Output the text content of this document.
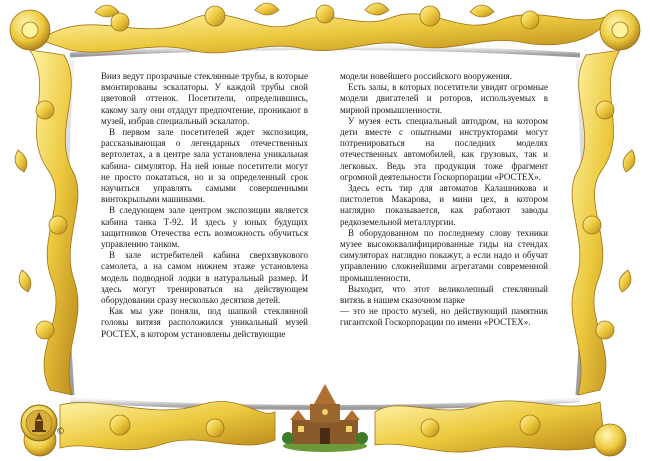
Вниз ведут прозрачные стеклянные трубы, в которые вмонтированы эскалаторы. У каждой трубы свой цветовой оттенок. Посетители, определившись, какому залу они отдадут предпочтение, проникают в музей, избрав специальный эскалатор.

В первом зале посетителей ждет экспозиция, рассказывающая о легендарных отечественных вертолетах, а в центре зала установлена уникальная кабина- симулятор. На ней юные посетители могут не просто покататься, но и за определенный срок научиться управлять самыми совершенными винтокрылыми машинами.

В следующем зале центром экспозиции является кабина танка Т-92. И здесь у юных будущих защитников Отечества есть возможность обучиться управлению танком.

В зале истребителей кабина сверхзвукового самолета, а на самом нижнем этаже установлена модель подводной лодки в натуральный размер. И здесь могут тренироваться на действующем оборудовании сразу несколько десятков детей.

Как мы уже поняли, под шапкой стеклянной головы витязя расположился уникальный музей РОСТЕХ, в котором установлены действующие

модели новейшего российского вооружения.

Есть залы, в которых посетители увидят огромные модели двигателей и роторов, используемых в мирной промышленности.

У музея есть специальный автодром, на котором дети вместе с опытными инструкторами могут потренироваться на последних моделях отечественных автомобилей, как грузовых, так и легковых. Ведь эта продукция тоже фрагмент огромной деятельности Госкорпорации «РОСТЕХ».

Здесь есть тир для автоматов Калашникова и пистолетов Макарова, и мини цех, в котором наглядно показывается, как работают заводы редкоземельной металлургии.

В оборудованном по последнему слову техники музее высококвалифицированные гиды на стендах симуляторах наглядно покажут, а если надо и обучат управлению сложнейшими агрегатами современной промышленности.

Выходит, что этот великолепный стеклянный витязь в нашем сказочном парке

— это не просто музей, но действующий памятник гигантской Госкорпорации по имени «РОСТЕХ».

©
